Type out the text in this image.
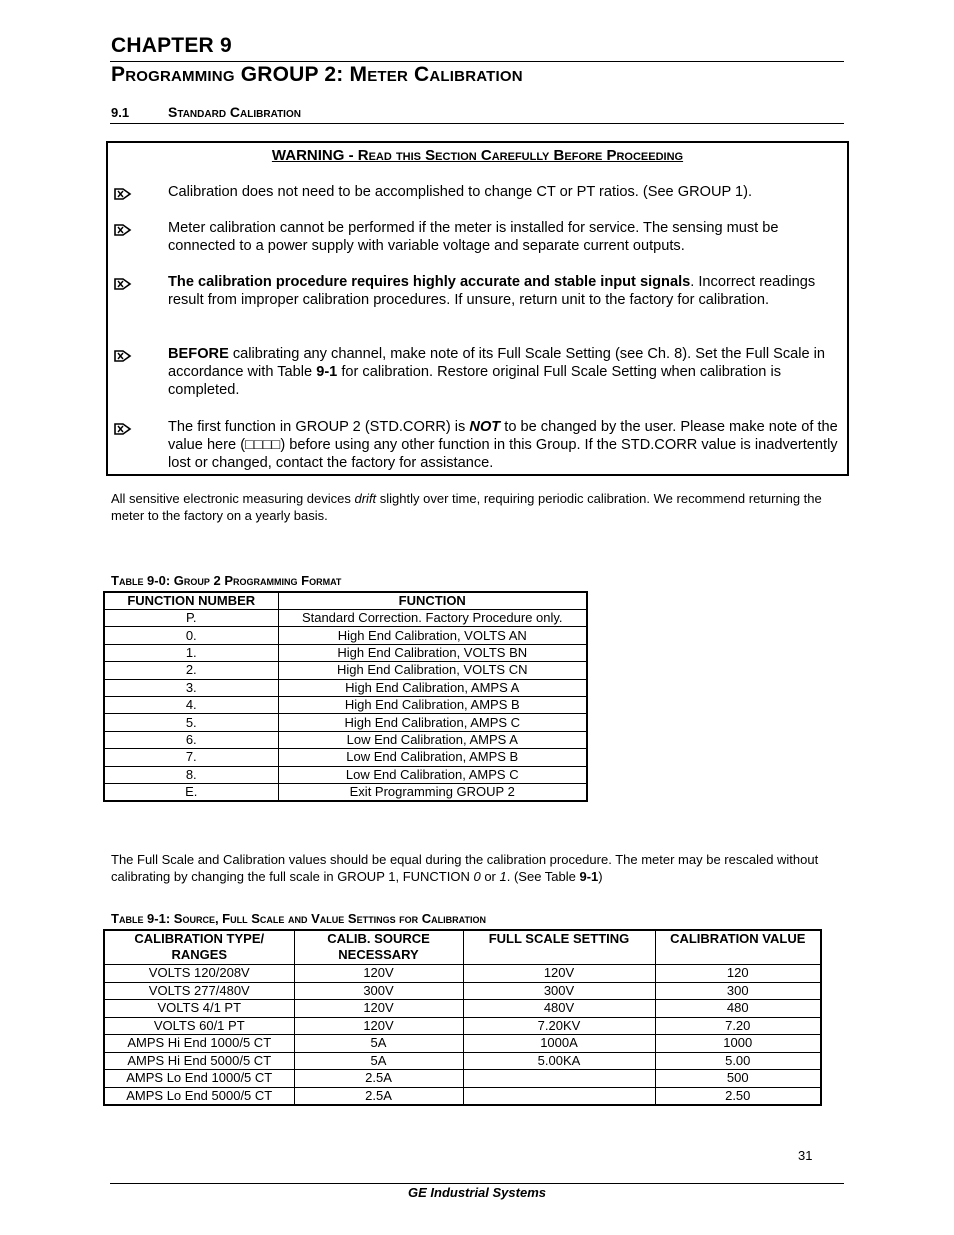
CHAPTER 9
Programming GROUP 2: Meter Calibration
9.1	Standard Calibration
WARNING - Read this Section Carefully Before Proceeding
Calibration does not need to be accomplished to change CT or PT ratios. (See GROUP 1).
Meter calibration cannot be performed if the meter is installed for service. The sensing must be connected to a power supply with variable voltage and separate current outputs.
The calibration procedure requires highly accurate and stable input signals. Incorrect readings result from improper calibration procedures. If unsure, return unit to the factory for calibration.
BEFORE calibrating any channel, make note of its Full Scale Setting (see Ch. 8). Set the Full Scale in accordance with Table 9-1 for calibration. Restore original Full Scale Setting when calibration is completed.
The first function in GROUP 2 (STD.CORR) is NOT to be changed by the user. Please make note of the value here (□□□□) before using any other function in this Group. If the STD.CORR value is inadvertently lost or changed, contact the factory for assistance.
All sensitive electronic measuring devices drift slightly over time, requiring periodic calibration. We recommend returning the meter to the factory on a yearly basis.
Table 9-0: Group 2 Programming Format
FUNCTION NUMBER	FUNCTION
P.	Standard Correction. Factory Procedure only.
0.	High End Calibration, VOLTS AN
1.	High End Calibration, VOLTS BN
2.	High End Calibration, VOLTS CN
3.	High End Calibration, AMPS A
4.	High End Calibration, AMPS B
5.	High End Calibration, AMPS C
6.	Low End Calibration, AMPS A
7.	Low End Calibration, AMPS B
8.	Low End Calibration, AMPS C
E.	Exit Programming GROUP 2
The Full Scale and Calibration values should be equal during the calibration procedure. The meter may be rescaled without calibrating by changing the full scale in GROUP 1, FUNCTION 0 or 1. (See Table 9-1)
Table 9-1: Source, Full Scale and Value Settings for Calibration
CALIBRATION TYPE/ RANGES	CALIB. SOURCE NECESSARY	FULL SCALE SETTING	CALIBRATION VALUE
VOLTS 120/208V	120V	120V	120
VOLTS 277/480V	300V	300V	300
VOLTS 4/1 PT	120V	480V	480
VOLTS 60/1 PT	120V	7.20KV	7.20
AMPS Hi End 1000/5 CT	5A	1000A	1000
AMPS Hi End 5000/5 CT	5A	5.00KA	5.00
AMPS Lo End 1000/5 CT	2.5A		500
AMPS Lo End 5000/5 CT	2.5A		2.50
31
GE Industrial Systems
